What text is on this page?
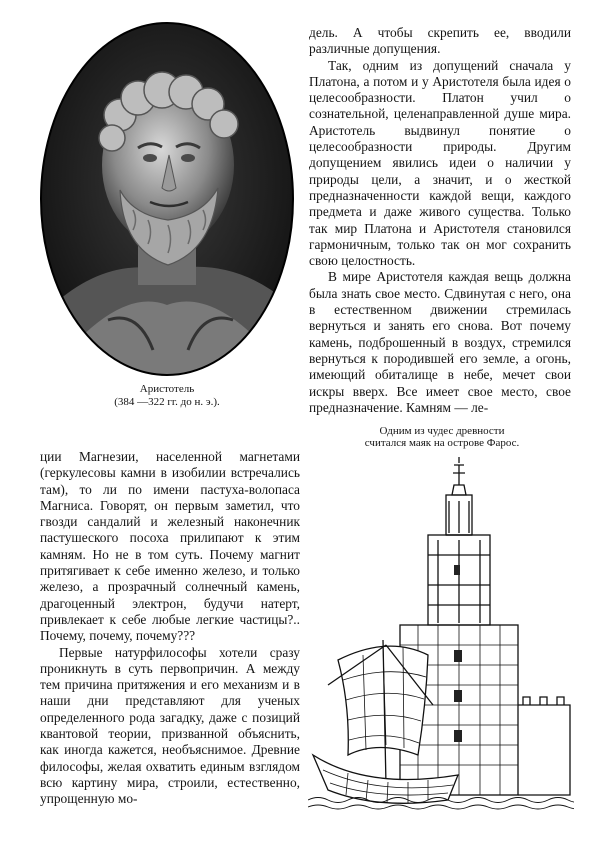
Аристотель
(384 —322 гг. до н. э.).

дель. А чтобы скрепить ее, вводили различные допущения.

Так, одним из допущений сначала у Платона, а потом и у Аристотеля была идея о целесообразности. Платон учил о сознательной, целенаправленной душе мира. Аристотель выдвинул понятие о целесообразности природы. Другим допущением явились идеи о наличии у природы цели, а значит, и о жесткой предназначенности каждой вещи, каждого предмета и даже живого существа. Только так мир Платона и Аристотеля становился гармоничным, только так он мог сохранить свою целостность.

В мире Аристотеля каждая вещь должна была знать свое место. Сдвинутая с него, она в естественном движении стремилась вернуться и занять его снова. Вот почему камень, подброшенный в воздух, стремился вернуться к породившей его земле, а огонь, имеющий обиталище в небе, мечет свои искры вверх. Все имеет свое место, свое предназначение. Камням — ле-

Одним из чудес древности
считался маяк на острове Фарос.

ции Магнезии, населенной магнетами (геркулесовы камни в изобилии встречались там), то ли по имени пастуха-волопаса Магниса. Говорят, он первым заметил, что гвозди сандалий и железный наконечник пастушеского посоха прилипают к этим камням. Но не в том суть. Почему магнит притягивает к себе именно железо, и только железо, а прозрачный солнечный камень, драгоценный электрон, будучи натерт, привлекает к себе любые легкие частицы?.. Почему, почему, почему???

Первые натурфилософы хотели сразу проникнуть в суть первопричин. А между тем причина притяжения и его механизм и в наши дни представляют для ученых определенного рода загадку, даже с позиций квантовой теории, призванной объяснить, как иногда кажется, необъяснимое. Древние философы, желая охватить единым взглядом всю картину мира, строили, естественно, упрощенную мо-
